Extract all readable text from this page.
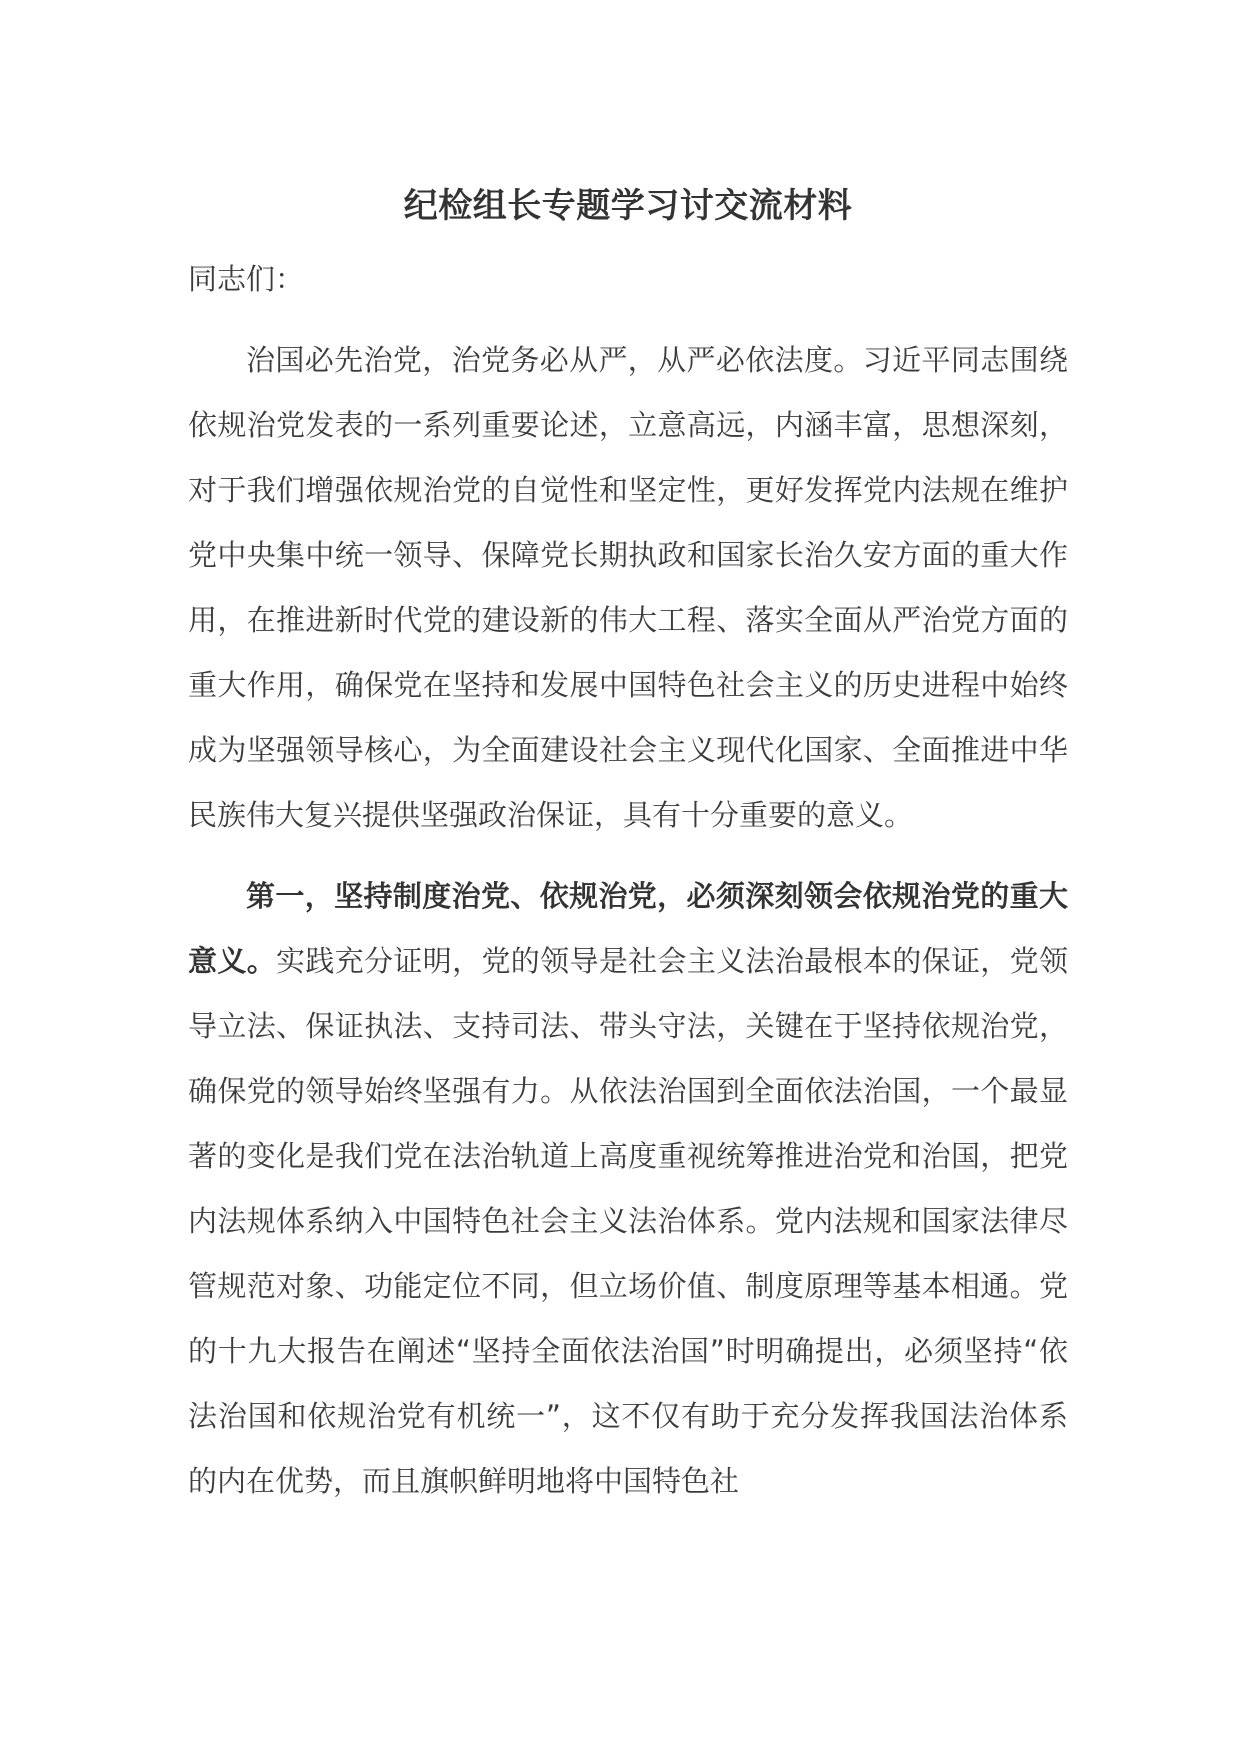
纪检组长专题学习讨交流材料
同志们：

治国必先治党，治党务必从严，从严必依法度。习近平同志围绕依规治党发表的一系列重要论述，立意高远，内涵丰富，思想深刻，对于我们增强依规治党的自觉性和坚定性，更好发挥党内法规在维护党中央集中统一领导、保障党长期执政和国家长治久安方面的重大作用，在推进新时代党的建设新的伟大工程、落实全面从严治党方面的重大作用，确保党在坚持和发展中国特色社会主义的历史进程中始终成为坚强领导核心，为全面建设社会主义现代化国家、全面推进中华民族伟大复兴提供坚强政治保证，具有十分重要的意义。

第一，坚持制度治党、依规治党，必须深刻领会依规治党的重大意义。实践充分证明，党的领导是社会主义法治最根本的保证，党领导立法、保证执法、支持司法、带头守法，关键在于坚持依规治党，确保党的领导始终坚强有力。从依法治国到全面依法治国，一个最显著的变化是我们党在法治轨道上高度重视统筹推进治党和治国，把党内法规体系纳入中国特色社会主义法治体系。党内法规和国家法律尽管规范对象、功能定位不同，但立场价值、制度原理等基本相通。党的十九大报告在阐述“坚持全面依法治国”时明确提出，必须坚持“依法治国和依规治党有机统一”，这不仅有助于充分发挥我国法治体系的内在优势，而且旗帜鲜明地将中国特色社
